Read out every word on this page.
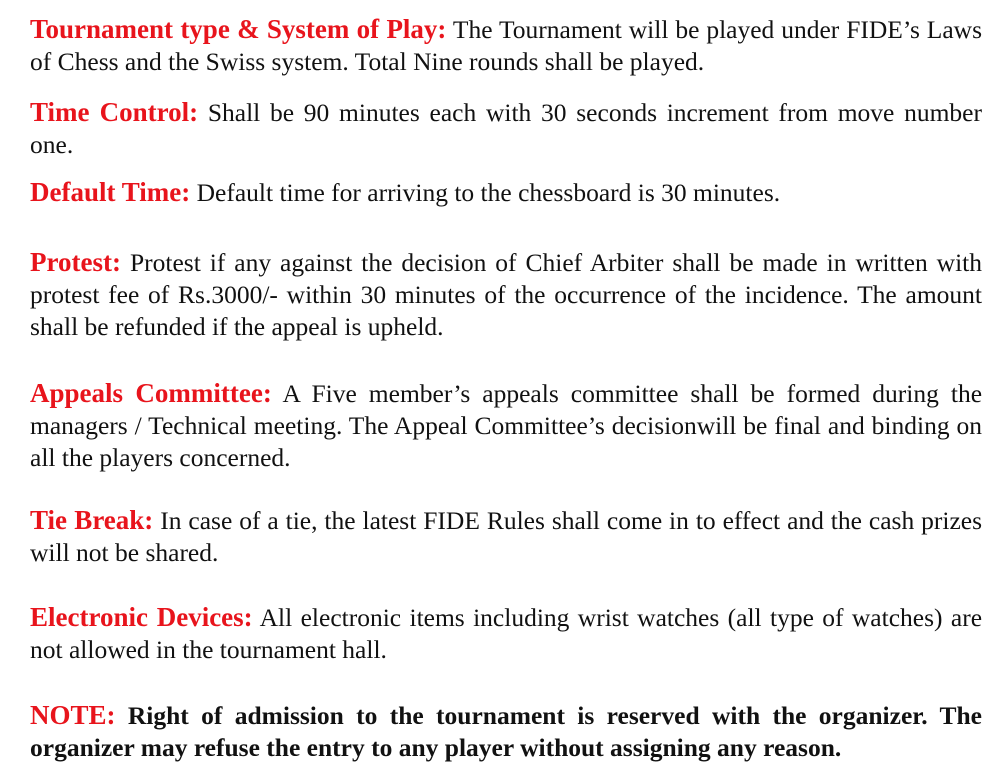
Tournament type & System of Play: The Tournament will be played under FIDE’s Laws of Chess and the Swiss system. Total Nine rounds shall be played.

Time Control: Shall be 90 minutes each with 30 seconds increment from move number one.

Default Time: Default time for arriving to the chessboard is 30 minutes.

Protest: Protest if any against the decision of Chief Arbiter shall be made in written with protest fee of Rs.3000/- within 30 minutes of the occurrence of the incidence. The amount shall be refunded if the appeal is upheld.

Appeals Committee: A Five member’s appeals committee shall be formed during the managers / Technical meeting. The Appeal Committee’s decisionwill be final and binding on all the players concerned.

Tie Break: In case of a tie, the latest FIDE Rules shall come in to effect and the cash prizes will not be shared.

Electronic Devices: All electronic items including wrist watches (all type of watches) are not allowed in the tournament hall.

NOTE: Right of admission to the tournament is reserved with the organizer. The organizer may refuse the entry to any player without assigning any reason.
